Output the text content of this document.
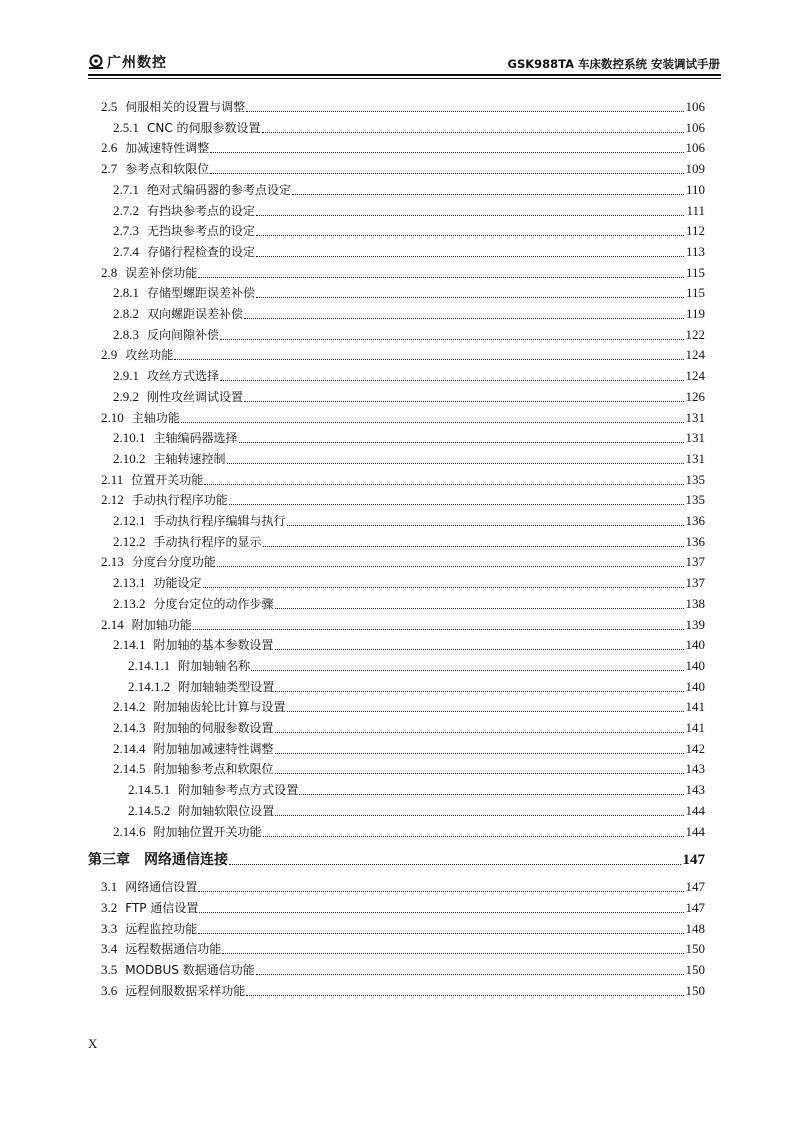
广州数控	GSK988TA 车床数控系统 安装调试手册
2.5 伺服相关的设置与调整	106
2.5.1 CNC 的伺服参数设置	106
2.6 加减速特性调整	106
2.7 参考点和软限位	109
2.7.1 绝对式编码器的参考点设定	110
2.7.2 有挡块参考点的设定	111
2.7.3 无挡块参考点的设定	112
2.7.4 存储行程检查的设定	113
2.8 误差补偿功能	115
2.8.1 存储型螺距误差补偿	115
2.8.2 双向螺距误差补偿	119
2.8.3 反向间隙补偿	122
2.9 攻丝功能	124
2.9.1 攻丝方式选择	124
2.9.2 刚性攻丝调试设置	126
2.10 主轴功能	131
2.10.1 主轴编码器选择	131
2.10.2 主轴转速控制	131
2.11 位置开关功能	135
2.12 手动执行程序功能	135
2.12.1 手动执行程序编辑与执行	136
2.12.2 手动执行程序的显示	136
2.13 分度台分度功能	137
2.13.1 功能设定	137
2.13.2 分度台定位的动作步骤	138
2.14 附加轴功能	139
2.14.1 附加轴的基本参数设置	140
2.14.1.1 附加轴轴名称	140
2.14.1.2 附加轴轴类型设置	140
2.14.2 附加轴齿轮比计算与设置	141
2.14.3 附加轴的伺服参数设置	141
2.14.4 附加轴加减速特性调整	142
2.14.5 附加轴参考点和软限位	143
2.14.5.1 附加轴参考点方式设置	143
2.14.5.2 附加轴软限位设置	144
2.14.6 附加轴位置开关功能	144
第三章 网络通信连接	147
3.1 网络通信设置	147
3.2 FTP 通信设置	147
3.3 远程监控功能	148
3.4 远程数据通信功能	150
3.5 MODBUS 数据通信功能	150
3.6 远程伺服数据采样功能	150
X
